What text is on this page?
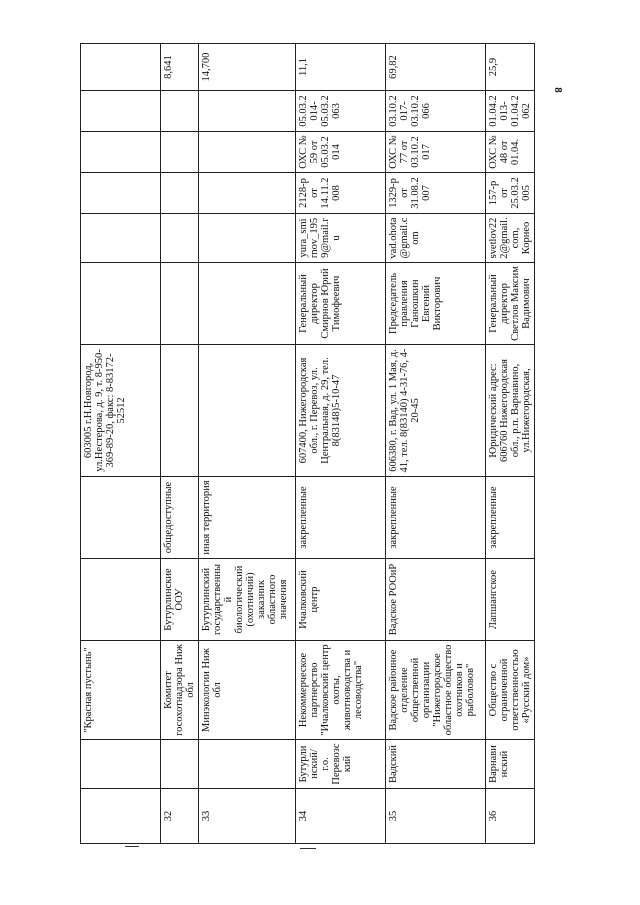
8
		"Красная пустынь"			603005 г.Н.Новгород, ул.Нестерова, д. 9, т. 8-950-369-89-20, факс: 8-83172-52512						
32		Комитет госохотнадзора Ниж обл	Бутурлинские ООУ	общедоступные							8,641
33		Минэкологии Ниж обл	Бутурлинский государственный биологический (охотничий) заказник областного значения	иная территория							14,700
34	Бутурлинский/ г.о. Перевозский	Некоммерческое партнерство "Ичалковский центр охоты, животноводства и лесоводства"	Ичалковский центр	закрепленные	607400, Нижегородская обл., г. Перевоз, ул. Центральная, д. 29, тел. 8(83148)5-10-47	Генеральный директор Смирнов Юрий Тимофеевич	yura_smirnov_1959@mail.ru	2128-р от 14.11.2008	ОХС № 59 от 05.03.2014	05.03.2014-05.03.2063	11,1
35	Вадский	Вадское районное отделение общественной организации "Нижегородское областное общество охотников и рыболовов"	Вадское РООиР	закрепленные	606380, г. Вад, ул. 1 Мая, д. 41, тел. 8(83140) 4-31-76, 4-20-45	Председатель правления Ганюшкин Евгений Викторович	vad.ohota@gmail.com	1329-р от 31.08.2007	ОХС № 77 от 03.10.2017	03.10.2017-03.10.2066	69,82
36	Варнавинский	Общество с ограниченной ответственностью «Русский дом»	Лапшангское	закрепленные	Юридический адрес: 606760 Нижегородская обл., р.п. Варнавино, ул.Нижегородская,	Генеральный директор Светлов Максим Вадимович	svetlov222@gmail.com, Корнео	157-р от 25.03.2005	ОХС № 48 от 01.04.	01.04.2013-01.04.2062	25,9
